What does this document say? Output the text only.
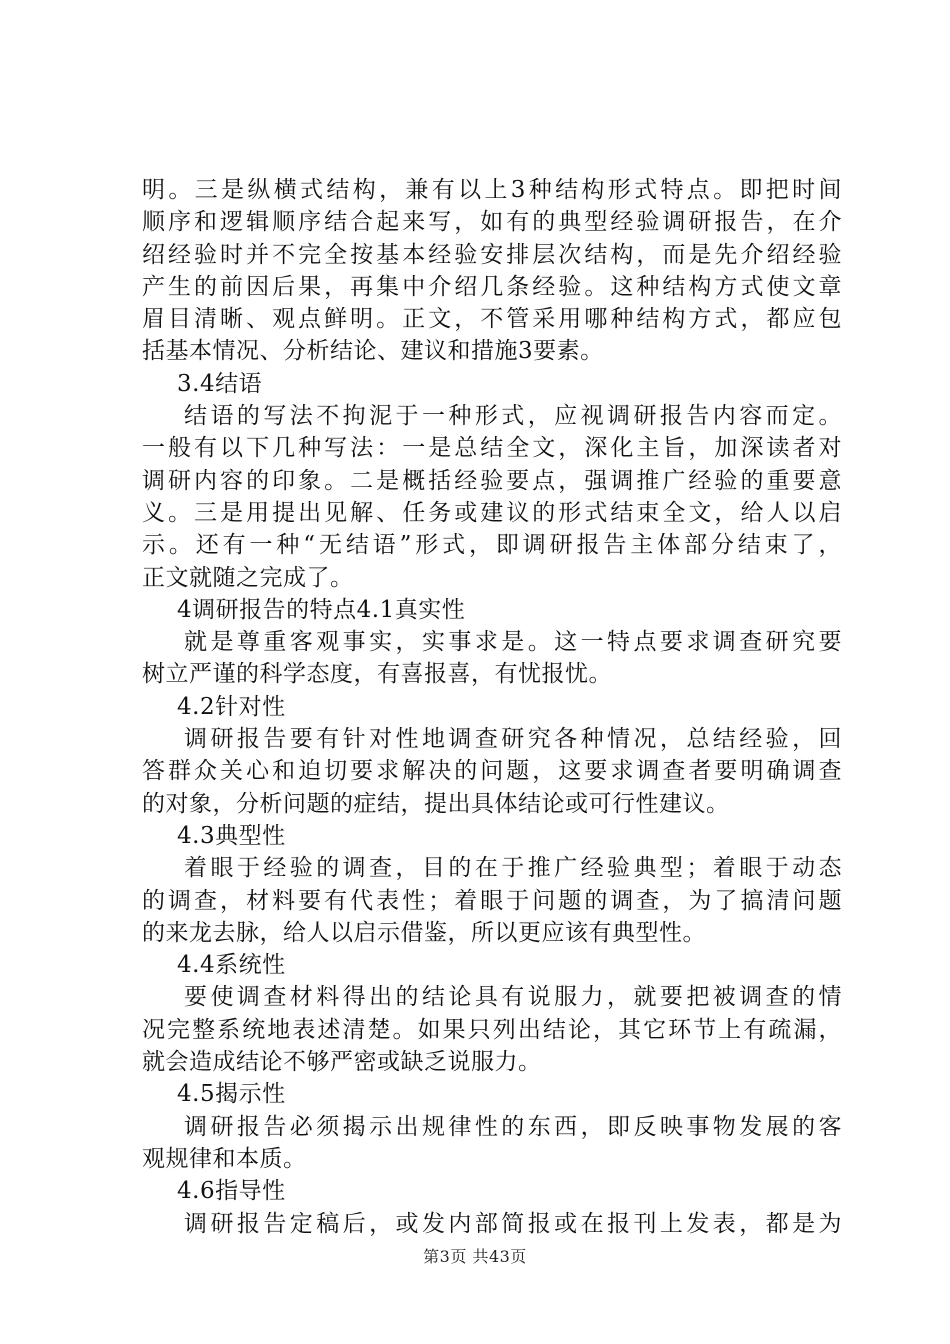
明。三是纵横式结构，兼有以上3种结构形式特点。即把时间
顺序和逻辑顺序结合起来写，如有的典型经验调研报告，在介
绍经验时并不完全按基本经验安排层次结构，而是先介绍经验
产生的前因后果，再集中介绍几条经验。这种结构方式使文章
眉目清晰、观点鲜明。正文，不管采用哪种结构方式，都应包
括基本情况、分析结论、建议和措施3要素。
3.4结语
结语的写法不拘泥于一种形式，应视调研报告内容而定。
一般有以下几种写法：一是总结全文，深化主旨，加深读者对
调研内容的印象。二是概括经验要点，强调推广经验的重要意
义。三是用提出见解、任务或建议的形式结束全文，给人以启
示。还有一种“无结语”形式，即调研报告主体部分结束了，
正文就随之完成了。
4调研报告的特点4.1真实性
就是尊重客观事实，实事求是。这一特点要求调查研究要
树立严谨的科学态度，有喜报喜，有忧报忧。
4.2针对性
调研报告要有针对性地调查研究各种情况，总结经验，回
答群众关心和迫切要求解决的问题，这要求调查者要明确调查
的对象，分析问题的症结，提出具体结论或可行性建议。
4.3典型性
着眼于经验的调查，目的在于推广经验典型；着眼于动态
的调查，材料要有代表性；着眼于问题的调查，为了搞清问题
的来龙去脉，给人以启示借鉴，所以更应该有典型性。
4.4系统性
要使调查材料得出的结论具有说服力，就要把被调查的情
况完整系统地表述清楚。如果只列出结论，其它环节上有疏漏，
就会造成结论不够严密或缺乏说服力。
4.5揭示性
调研报告必须揭示出规律性的东西，即反映事物发展的客
观规律和本质。
4.6指导性
调研报告定稿后，或发内部简报或在报刊上发表，都是为
第3页 共43页
